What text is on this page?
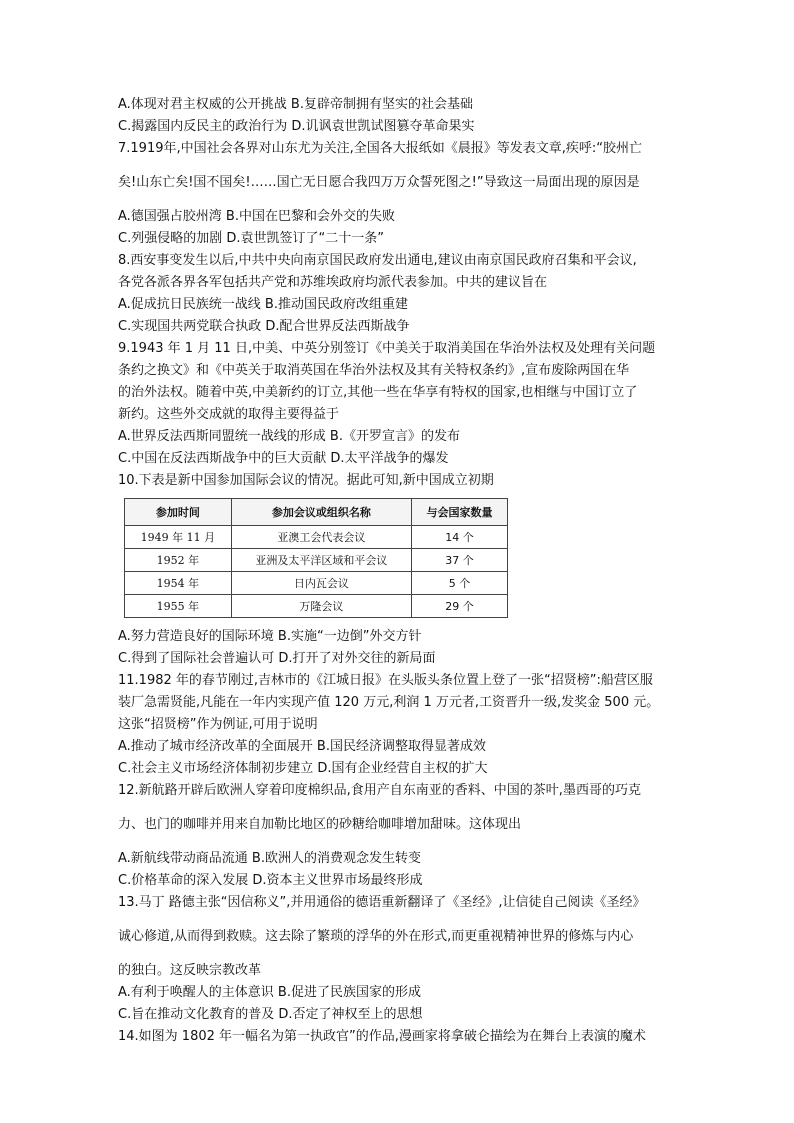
A.体现对君主权威的公开挑战 B.复辟帝制拥有坚实的社会基础
C.揭露国内反民主的政治行为 D.讥讽袁世凯试图篡夺革命果实
7.1919年,中国社会各界对山东尤为关注,全国各大报纸如《晨报》等发表文章,疾呼:“胶州亡
矣!山东亡矣!国不国矣!……国亡无日愿合我四万万众誓死图之!”导致这一局面出现的原因是
A.德国强占胶州湾 B.中国在巴黎和会外交的失败
C.列强侵略的加剧 D.袁世凯签订了“二十一条”
8.西安事变发生以后,中共中央向南京国民政府发出通电,建议由南京国民政府召集和平会议,
各党各派各界各军包括共产党和苏维埃政府均派代表参加。中共的建议旨在
A.促成抗日民族统一战线 B.推动国民政府改组重建
C.实现国共两党联合执政 D.配合世界反法西斯战争
9.1943 年 1 月 11 日,中美、中英分别签订《中美关于取消美国在华治外法权及处理有关问题
条约之换文》和《中英关于取消英国在华治外法权及其有关特权条约》,宣布废除两国在华
的治外法权。随着中英,中美新约的订立,其他一些在华享有特权的国家,也相继与中国订立了
新约。这些外交成就的取得主要得益于
A.世界反法西斯同盟统一战线的形成 B.《开罗宣言》的发布
C.中国在反法西斯战争中的巨大贡献 D.太平洋战争的爆发
10.下表是新中国参加国际会议的情况。据此可知,新中国成立初期
参加时间	参加会议或组织名称	与会国家数量
1949 年 11 月	亚澳工会代表会议	14 个
1952 年	亚洲及太平洋区域和平会议	37 个
1954 年	日内瓦会议	5 个
1955 年	万隆会议	29 个
A.努力营造良好的国际环境 B.实施“一边倒”外交方针
C.得到了国际社会普遍认可 D.打开了对外交往的新局面
11.1982 年的春节刚过,吉林市的《江城日报》在头版头条位置上登了一张“招贤榜”:船营区服
装厂急需贤能,凡能在一年内实现产值 120 万元,利润 1 万元者,工资晋升一级,发奖金 500 元。
这张“招贤榜”作为例证,可用于说明
A.推动了城市经济改革的全面展开 B.国民经济调整取得显著成效
C.社会主义市场经济体制初步建立 D.国有企业经营自主权的扩大
12.新航路开辟后欧洲人穿着印度棉织品,食用产自东南亚的香料、中国的茶叶,墨西哥的巧克
力、也门的咖啡并用来自加勒比地区的砂糖给咖啡增加甜味。这体现出
A.新航线带动商品流通 B.欧洲人的消费观念发生转变
C.价格革命的深入发展 D.资本主义世界市场最终形成
13.马丁 路德主张“因信称义”,并用通俗的德语重新翻译了《圣经》,让信徒自己阅读《圣经》
诚心修道,从而得到救赎。这去除了繁琐的浮华的外在形式,而更重视精神世界的修炼与内心
的独白。这反映宗教改革
A.有利于唤醒人的主体意识 B.促进了民族国家的形成
C.旨在推动文化教育的普及 D.否定了神权至上的思想
14.如图为 1802 年一幅名为第一执政官”的作品,漫画家将拿破仑描绘为在舞台上表演的魔术
